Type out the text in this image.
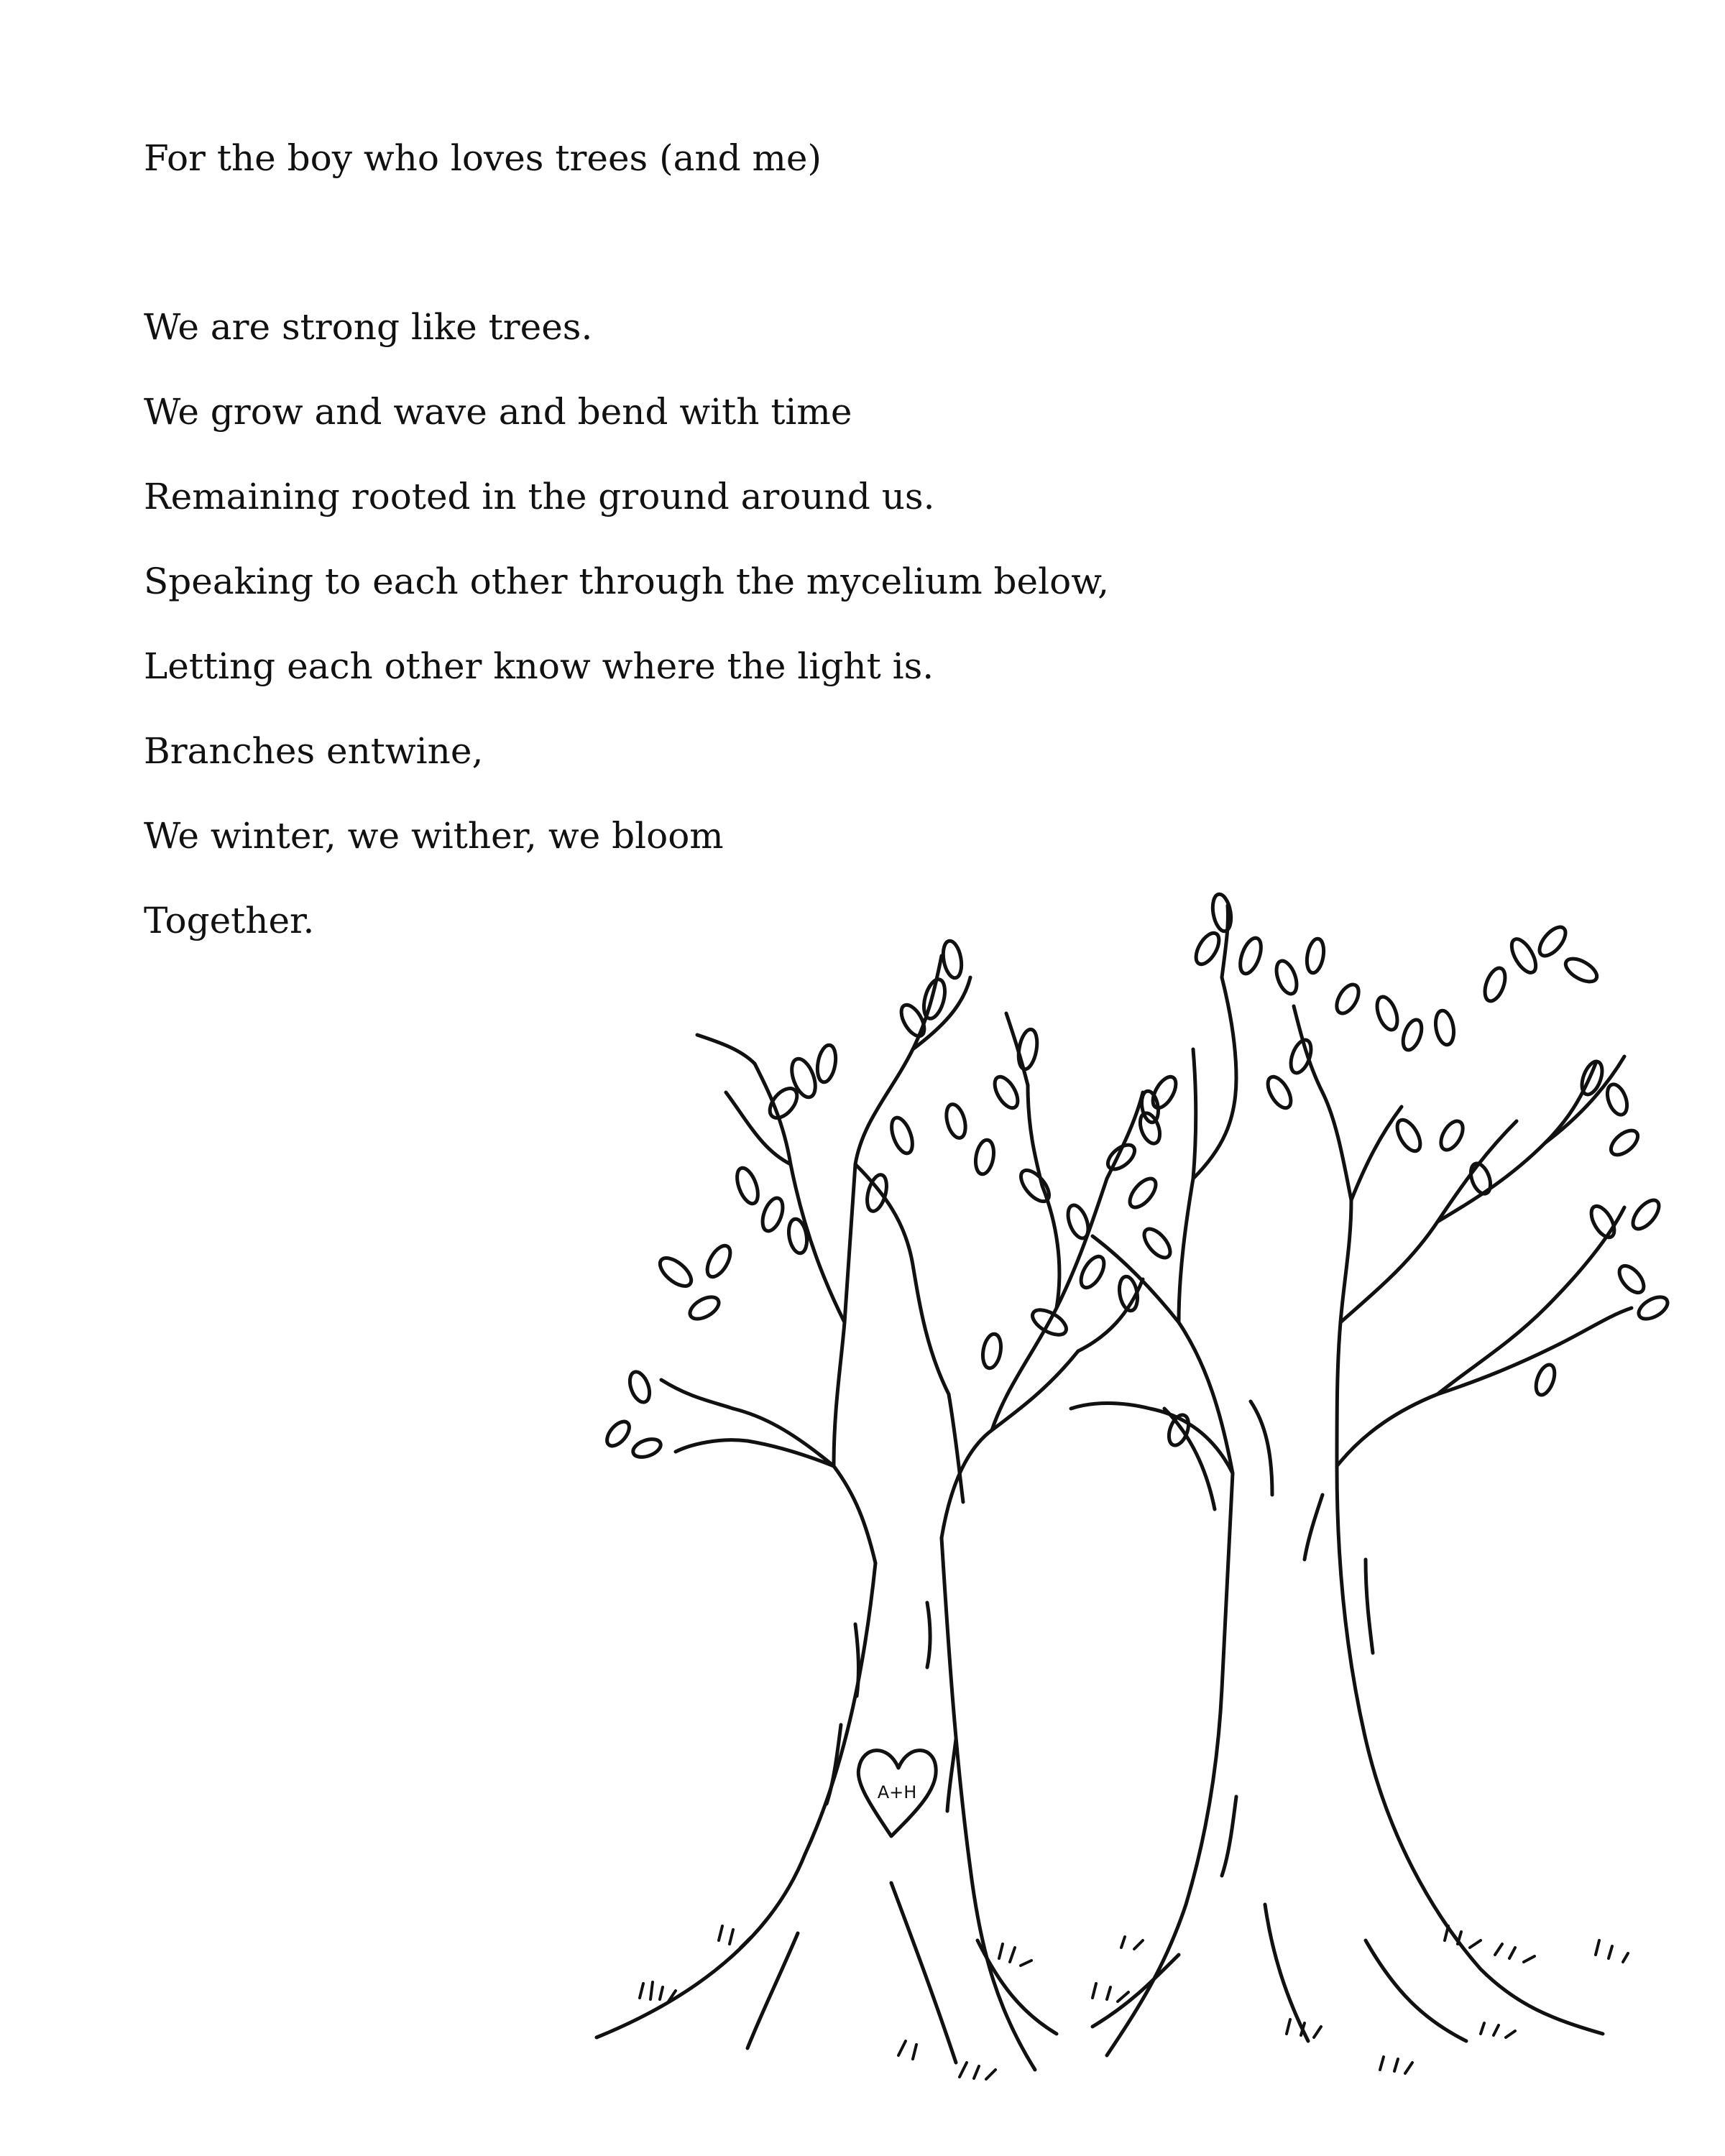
For the boy who loves trees (and me)
We are strong like trees.
We grow and wave and bend with time
Remaining rooted in the ground around us.
Speaking to each other through the mycelium below,
Letting each other know where the light is.
Branches entwine,
We winter, we wither, we bloom
Together.
A+H
